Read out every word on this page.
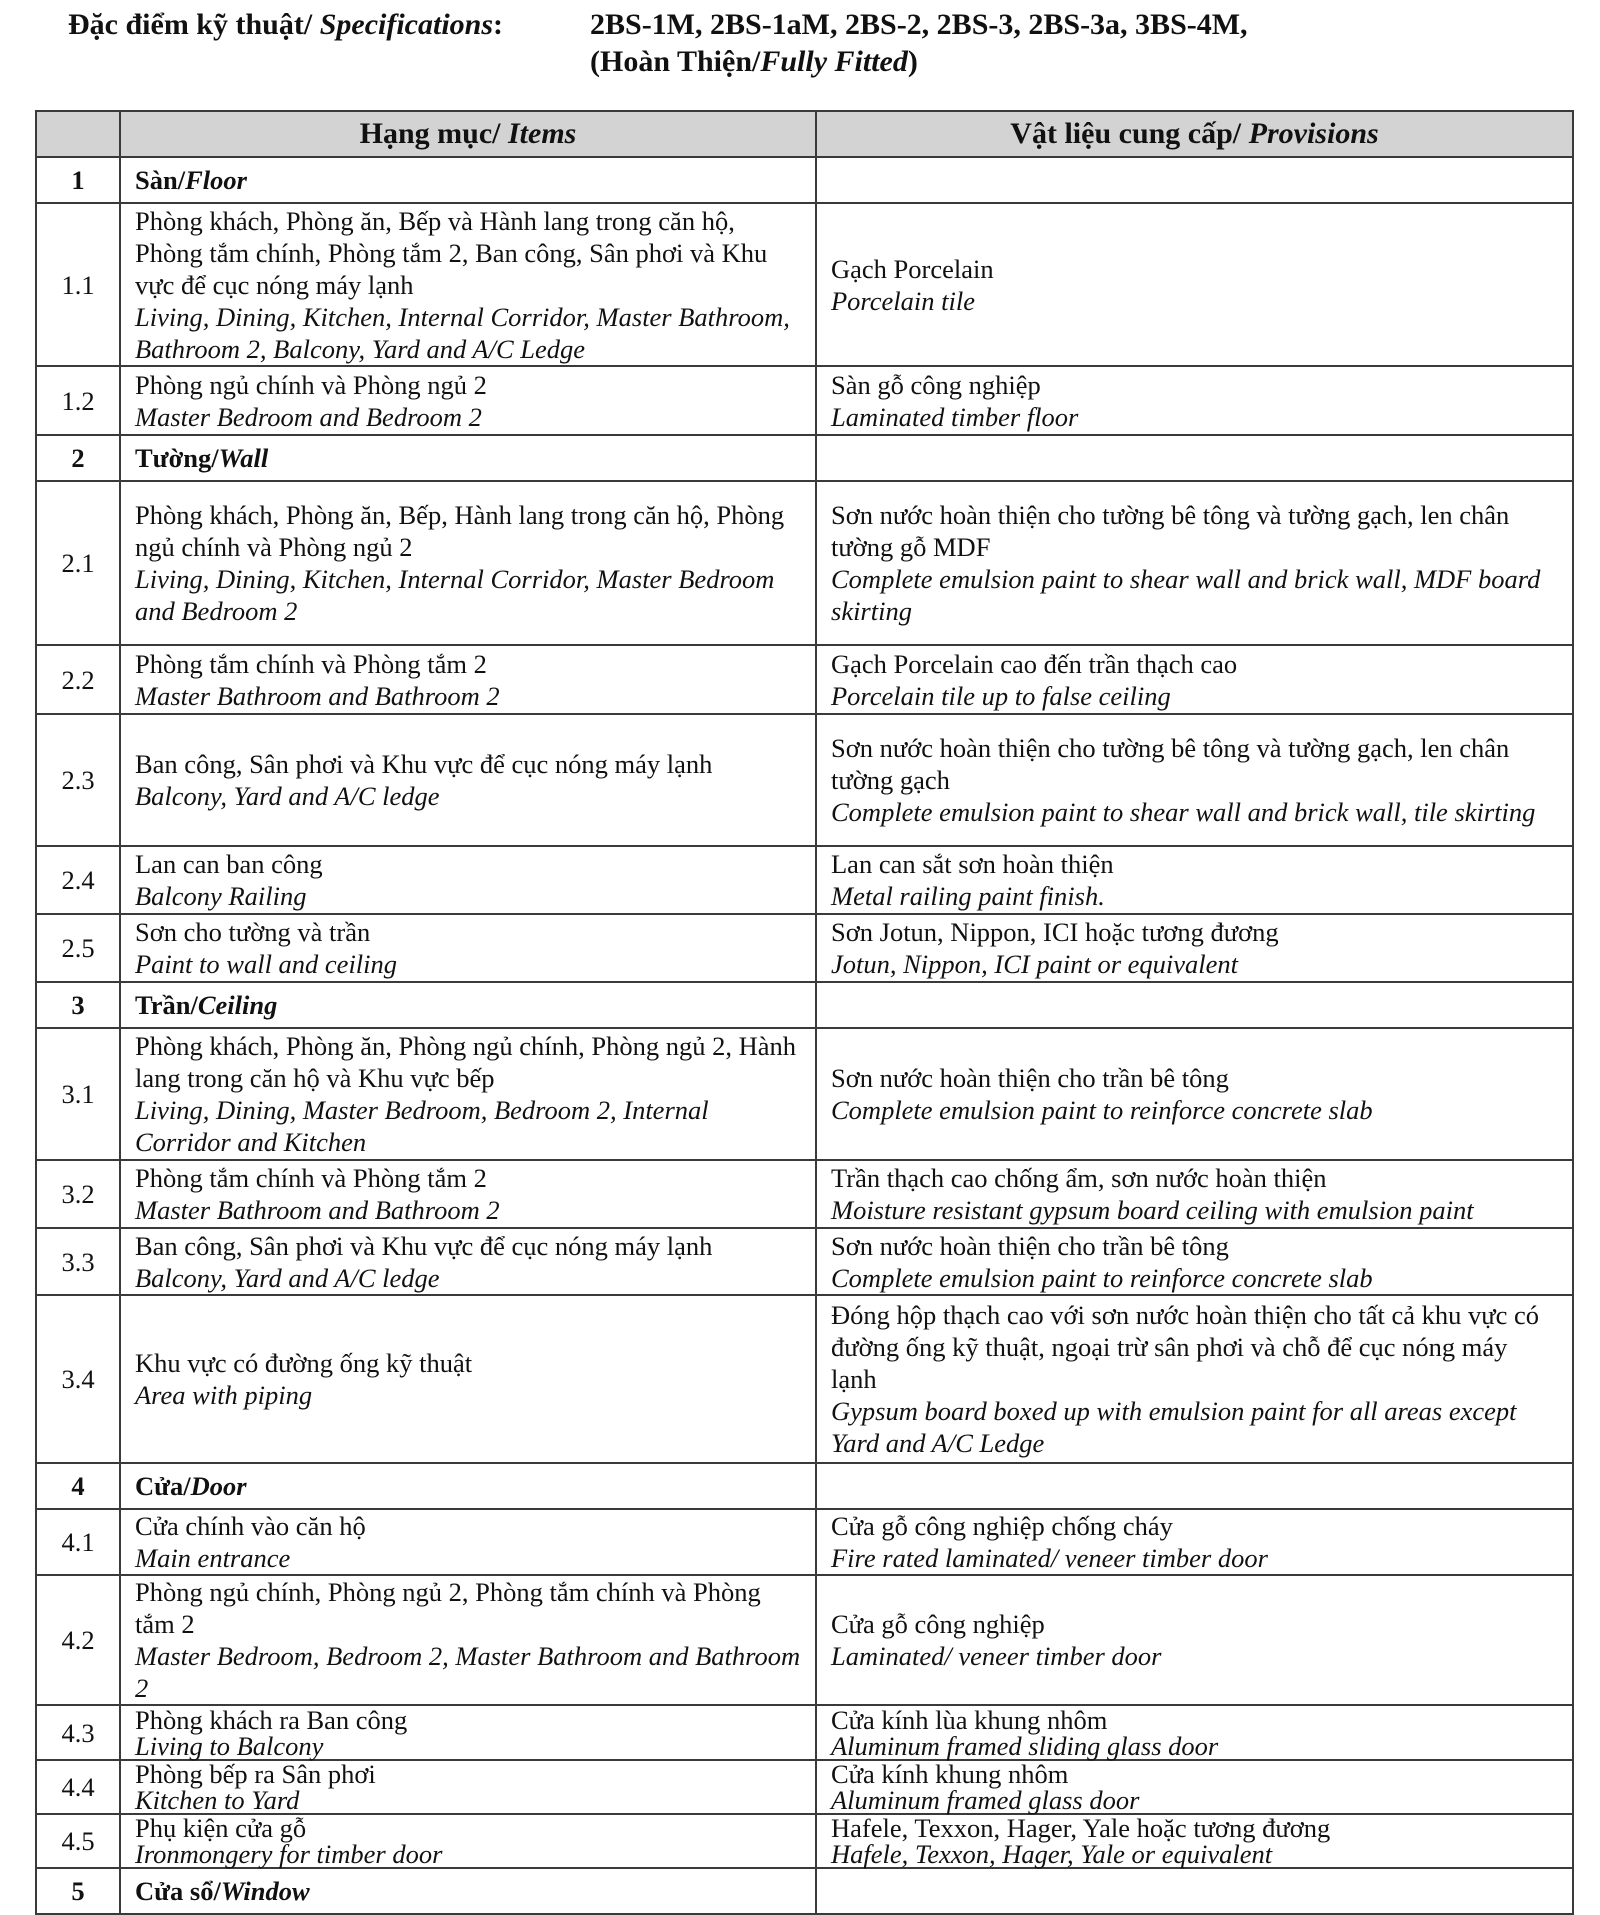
Đặc điểm kỹ thuật/ Specifications:	2BS-1M, 2BS-1aM, 2BS-2, 2BS-3, 2BS-3a, 3BS-4M,
(Hoàn Thiện/Fully Fitted)
	Hạng mục/ Items	Vật liệu cung cấp/ Provisions
1	Sàn/Floor	
1.1	Phòng khách, Phòng ăn, Bếp và Hành lang trong căn hộ, Phòng tắm chính, Phòng tắm 2, Ban công, Sân phơi và Khu vực để cục nóng máy lạnh
Living, Dining, Kitchen, Internal Corridor, Master Bathroom, Bathroom 2, Balcony, Yard and A/C Ledge	Gạch Porcelain
Porcelain tile

1.2	Phòng ngủ chính và Phòng ngủ 2
Master Bedroom and Bedroom 2	Sàn gỗ công nghiệp
Laminated timber floor

2	Tường/Wall	
2.1	Phòng khách, Phòng ăn, Bếp, Hành lang trong căn hộ, Phòng ngủ chính và Phòng ngủ 2
Living, Dining, Kitchen, Internal Corridor, Master Bedroom and Bedroom 2	Sơn nước hoàn thiện cho tường bê tông và tường gạch, len chân tường gỗ MDF
Complete emulsion paint to shear wall and brick wall, MDF board skirting

2.2	Phòng tắm chính và Phòng tắm 2
Master Bathroom and Bathroom 2	Gạch Porcelain cao đến trần thạch cao
Porcelain tile up to false ceiling

2.3	Ban công, Sân phơi và Khu vực để cục nóng máy lạnh
Balcony, Yard and A/C ledge	Sơn nước hoàn thiện cho tường bê tông và tường gạch, len chân tường gạch
Complete emulsion paint to shear wall and brick wall, tile skirting

2.4	Lan can ban công
Balcony Railing	Lan can sắt sơn hoàn thiện
Metal railing paint finish.

2.5	Sơn cho tường và trần
Paint to wall and ceiling	Sơn Jotun, Nippon, ICI hoặc tương đương
Jotun, Nippon, ICI paint or equivalent

3	Trần/Ceiling	
3.1	Phòng khách, Phòng ăn, Phòng ngủ chính, Phòng ngủ 2, Hành lang trong căn hộ và Khu vực bếp
Living, Dining, Master Bedroom, Bedroom 2, Internal Corridor and Kitchen	Sơn nước hoàn thiện cho trần bê tông
Complete emulsion paint to reinforce concrete slab

3.2	Phòng tắm chính và Phòng tắm 2
Master Bathroom and Bathroom 2	Trần thạch cao chống ẩm, sơn nước hoàn thiện
Moisture resistant gypsum board ceiling with emulsion paint

3.3	Ban công, Sân phơi và Khu vực để cục nóng máy lạnh
Balcony, Yard and A/C ledge	Sơn nước hoàn thiện cho trần bê tông
Complete emulsion paint to reinforce concrete slab

3.4	Khu vực có đường ống kỹ thuật
Area with piping	Đóng hộp thạch cao với sơn nước hoàn thiện cho tất cả khu vực có đường ống kỹ thuật, ngoại trừ sân phơi và chỗ để cục nóng máy lạnh
Gypsum board boxed up with emulsion paint for all areas except Yard and A/C Ledge

4	Cửa/Door	
4.1	Cửa chính vào căn hộ
Main entrance	Cửa gỗ công nghiệp chống cháy
Fire rated laminated/ veneer timber door

4.2	Phòng ngủ chính, Phòng ngủ 2, Phòng tắm chính và Phòng tắm 2
Master Bedroom, Bedroom 2, Master Bathroom and Bathroom 2	Cửa gỗ công nghiệp
Laminated/ veneer timber door

4.3	Phòng khách ra Ban công
Living to Balcony	Cửa kính lùa khung nhôm
Aluminum framed sliding glass door

4.4	Phòng bếp ra Sân phơi
Kitchen to Yard	Cửa kính khung nhôm
Aluminum framed glass door

4.5	Phụ kiện cửa gỗ
Ironmongery for timber door	Hafele, Texxon, Hager, Yale hoặc tương đương
Hafele, Texxon, Hager, Yale or equivalent

5	Cửa sổ/Window	
